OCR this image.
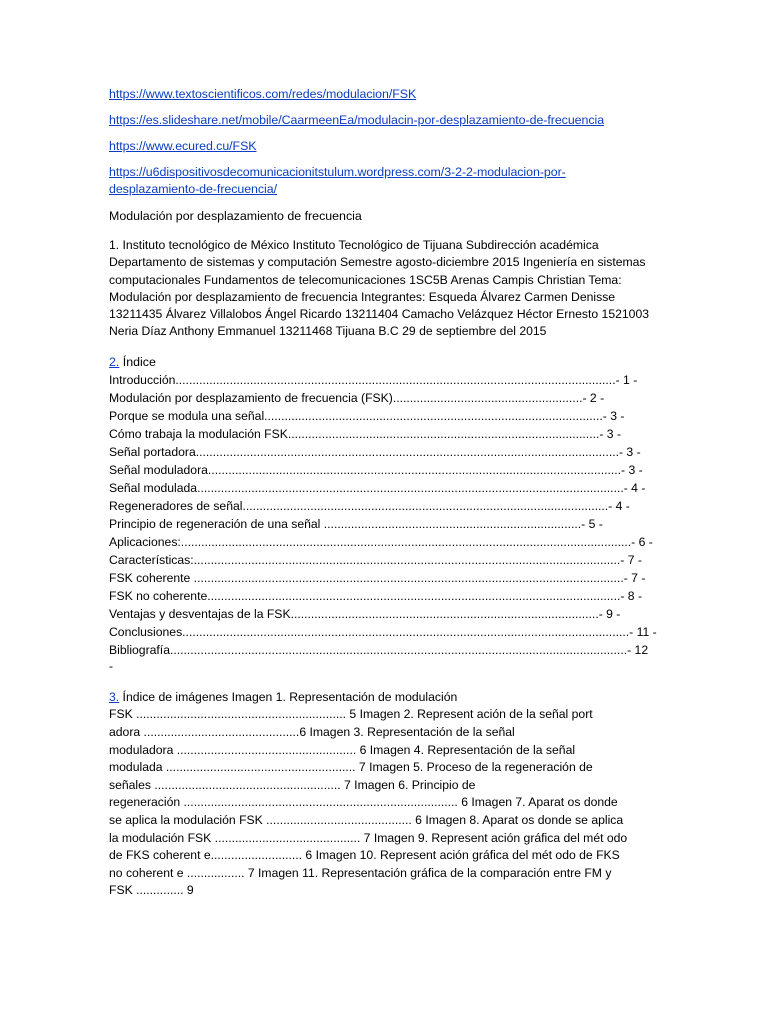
https://www.textoscientificos.com/redes/modulacion/FSK
https://es.slideshare.net/mobile/CaarmeenEa/modulacin-por-desplazamiento-de-frecuencia
https://www.ecured.cu/FSK
https://u6dispositivosdecomunicacionitstulum.wordpress.com/3-2-2-modulacion-por-
desplazamiento-de-frecuencia/
Modulación por desplazamiento de frecuencia
1. Instituto tecnológico de México Instituto Tecnológico de Tijuana Subdirección académica Departamento de sistemas y computación Semestre agosto-diciembre 2015 Ingeniería en sistemas computacionales Fundamentos de telecomunicaciones 1SC5B Arenas Campis Christian Tema: Modulación por desplazamiento de frecuencia Integrantes: Esqueda Álvarez Carmen Denisse 13211435 Álvarez Villalobos Ángel Ricardo 13211404 Camacho Velázquez Héctor Ernesto 1521003 Neria Díaz Anthony Emmanuel 13211468 Tijuana B.C 29 de septiembre del 2015
2. Índice
Introducción..................................................................................................................................- 1 -
Modulación por desplazamiento de frecuencia (FSK)........................................................- 2 -
Porque se modula una señal....................................................................................................- 3 -
Cómo trabaja la modulación FSK............................................................................................- 3 -
Señal portadora.............................................................................................................................- 3 -
Señal moduladora..........................................................................................................................- 3 -
Señal modulada..............................................................................................................................- 4 -
Regeneradores de señal............................................................................................................- 4 -
Principio de regeneración de una señal ............................................................................- 5 -
Aplicaciones:.....................................................................................................................................- 6 -
Características:..............................................................................................................................- 7 -
FSK coherente ...............................................................................................................................- 7 -
FSK no coherente..........................................................................................................................- 8 -
Ventajas y desventajas de la FSK...........................................................................................- 9 -
Conclusiones....................................................................................................................................- 11 -
Bibliografía.......................................................................................................................................- 12
-
3. Índice de imágenes Imagen 1. Representación de modulación
FSK .............................................................. 5 Imagen 2. Represent ación de la señal port
adora ..............................................6 Imagen 3. Representación de la señal
moduladora ..................................................... 6 Imagen 4. Representación de la señal
modulada ........................................................ 7 Imagen 5. Proceso de la regeneración de
señales ....................................................... 7 Imagen 6. Principio de
regeneración ................................................................................. 6 Imagen 7. Aparat os donde
se aplica la modulación FSK ........................................... 6 Imagen 8. Aparat os donde se aplica
la modulación FSK ........................................... 7 Imagen 9. Represent ación gráfica del mét odo
de FKS coherent e........................... 6 Imagen 10. Represent ación gráfica del mét odo de FKS
no coherent e ................. 7 Imagen 11. Representación gráfica de la comparación entre FM y
FSK .............. 9
